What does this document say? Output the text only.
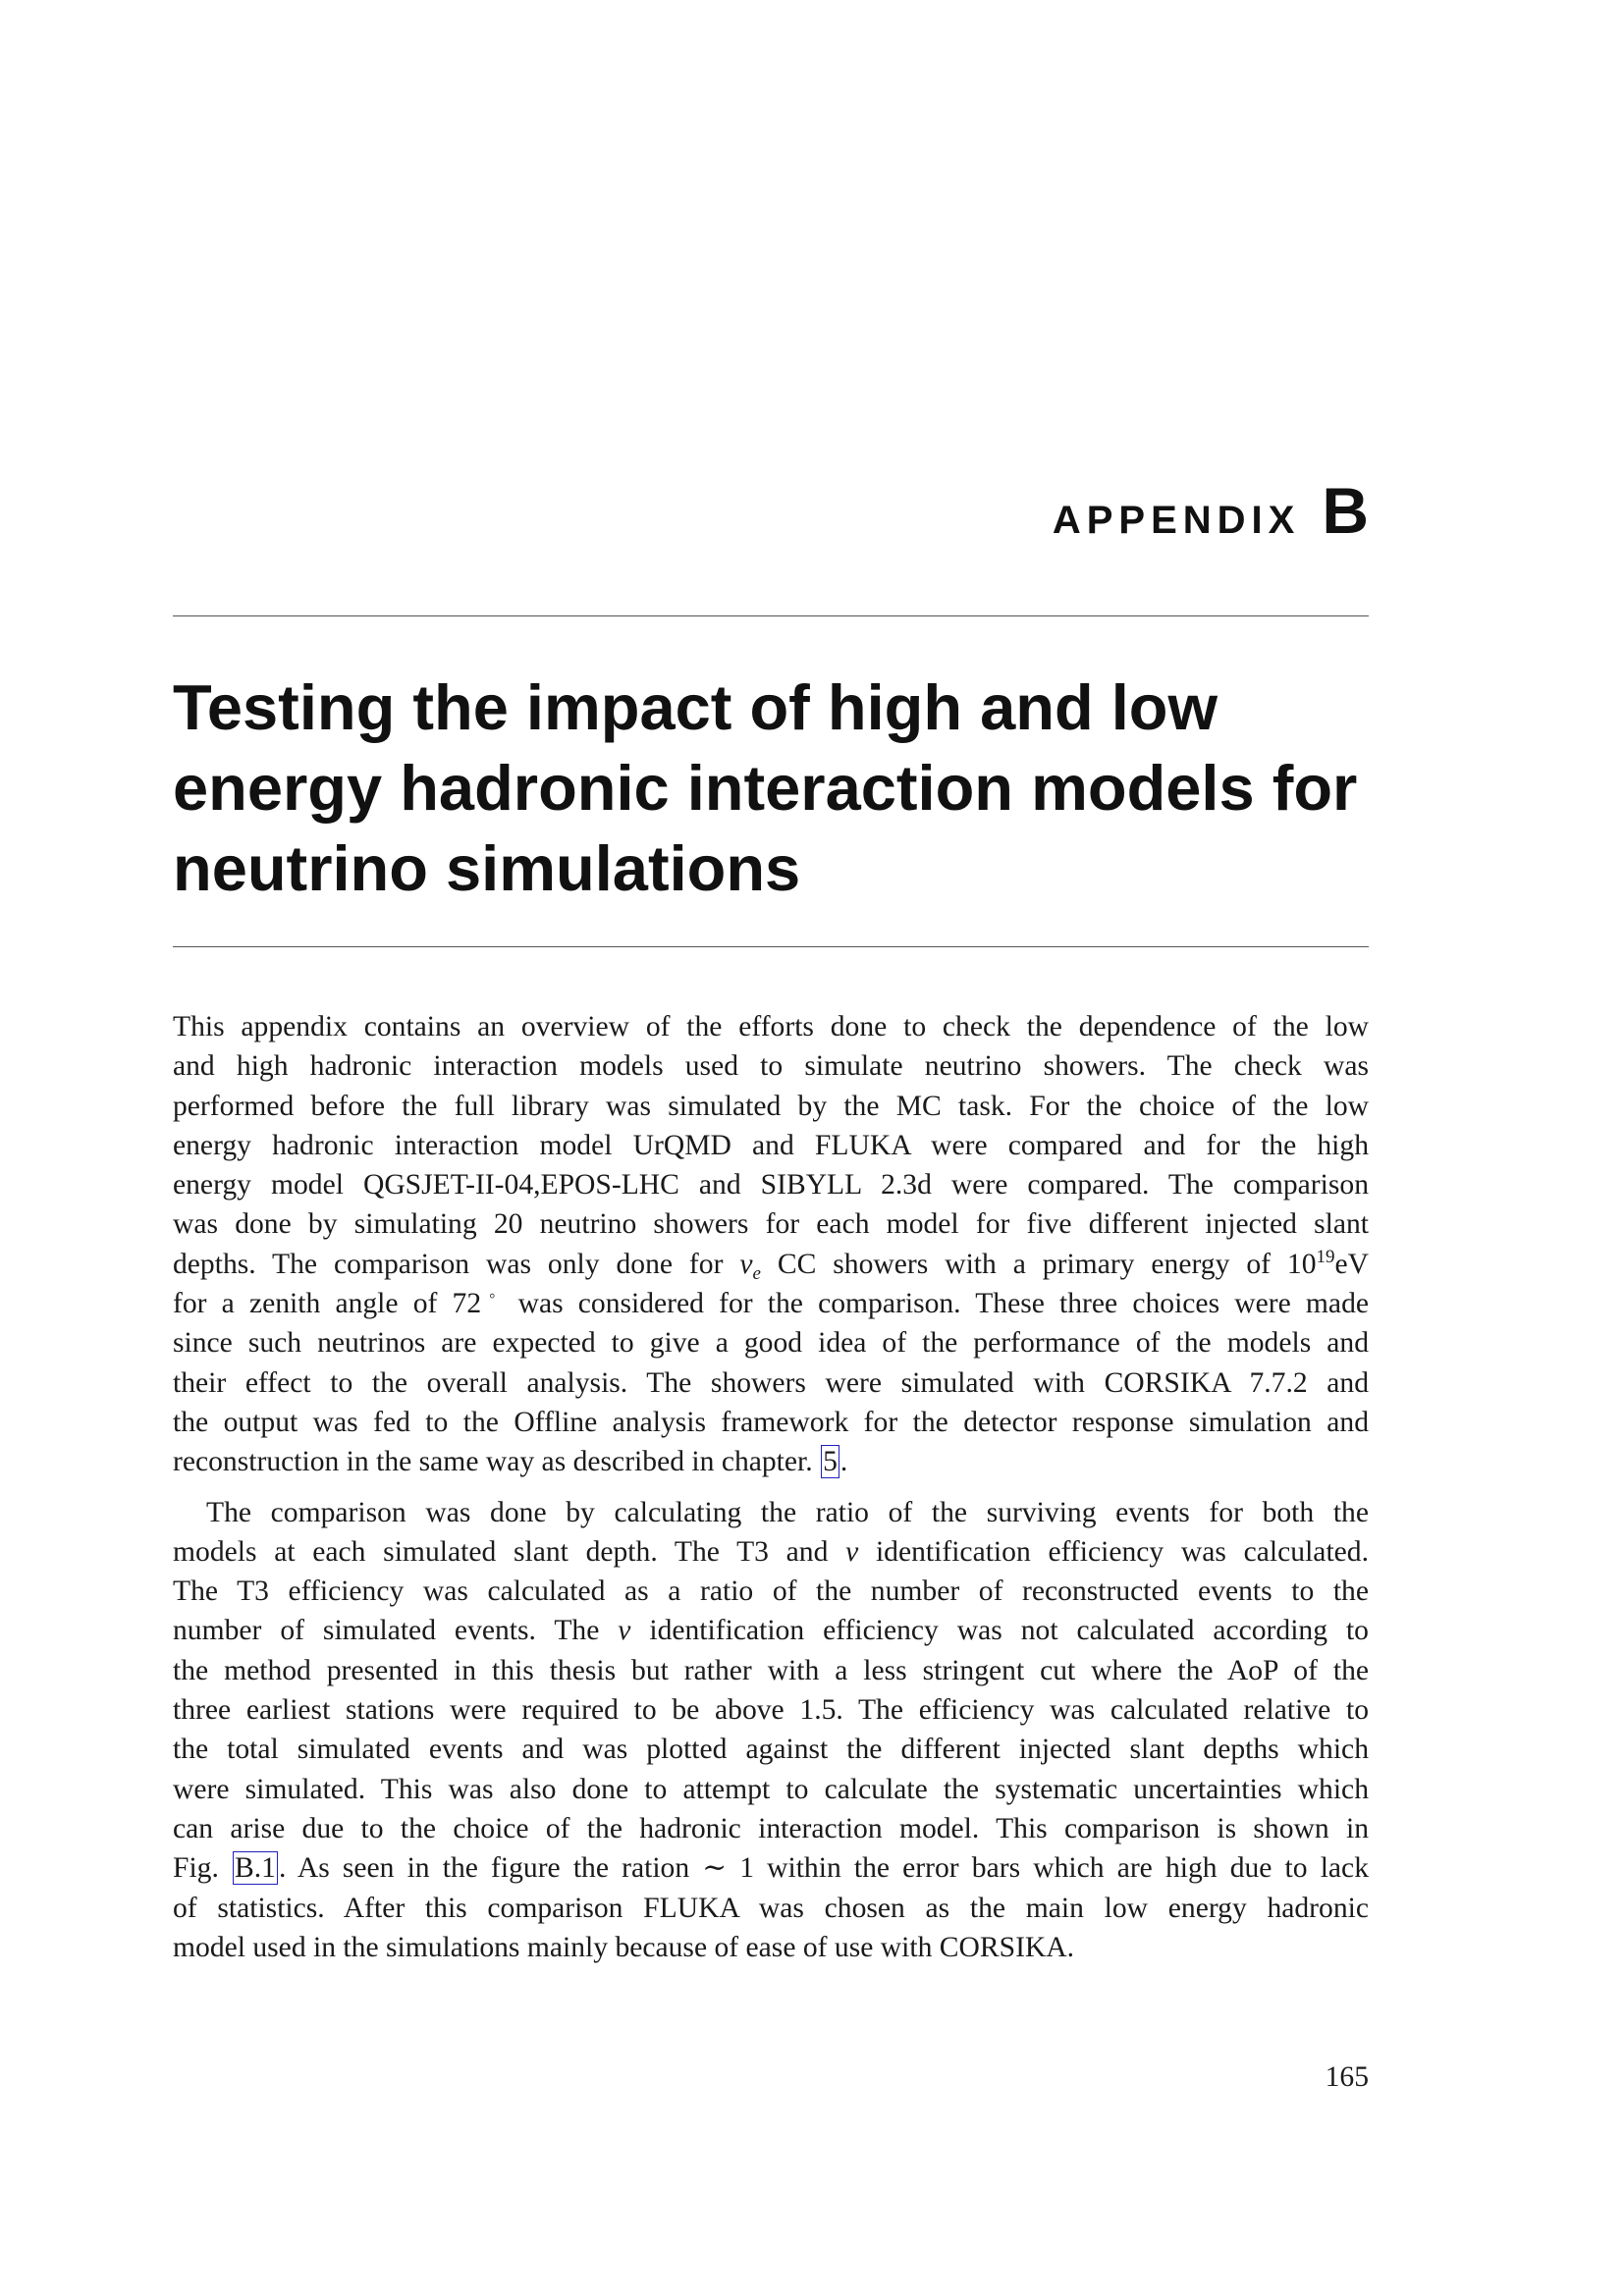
APPENDIX B
Testing the impact of high and low
energy hadronic interaction models for
neutrino simulations

This appendix contains an overview of the efforts done to check the dependence of the low
and high hadronic interaction models used to simulate neutrino showers. The check was
performed before the full library was simulated by the MC task. For the choice of the low
energy hadronic interaction model UrQMD and FLUKA were compared and for the high
energy model QGSJET-II-04,EPOS-LHC and SIBYLL 2.3d were compared. The comparison
was done by simulating 20 neutrino showers for each model for five different injected slant
depths. The comparison was only done for $\nu_e$ CC showers with a primary energy of $10^{19}eV$
for a zenith angle of 72◦ was considered for the comparison. These three choices were made
since such neutrinos are expected to give a good idea of the performance of the models and
their effect to the overall analysis. The showers were simulated with CORSIKA 7.7.2 and
the output was fed to the Offline analysis framework for the detector response simulation and
reconstruction in the same way as described in chapter. 5 .

The comparison was done by calculating the ratio of the surviving events for both the
models at each simulated slant depth. The T3 and ν identification efficiency was calculated.
The T3 efficiency was calculated as a ratio of the number of reconstructed events to the
number of simulated events. The ν identification efficiency was not calculated according to
the method presented in this thesis but rather with a less stringent cut where the AoP of the
three earliest stations were required to be above 1.5. The efficiency was calculated relative to
the total simulated events and was plotted against the different injected slant depths which
were simulated. This was also done to attempt to calculate the systematic uncertainties which
can arise due to the choice of the hadronic interaction model. This comparison is shown in
Fig. B.1 . As seen in the figure the ration ∼ 1 within the error bars which are high due to lack
of statistics. After this comparison FLUKA was chosen as the main low energy hadronic
model used in the simulations mainly because of ease of use with CORSIKA.

165
